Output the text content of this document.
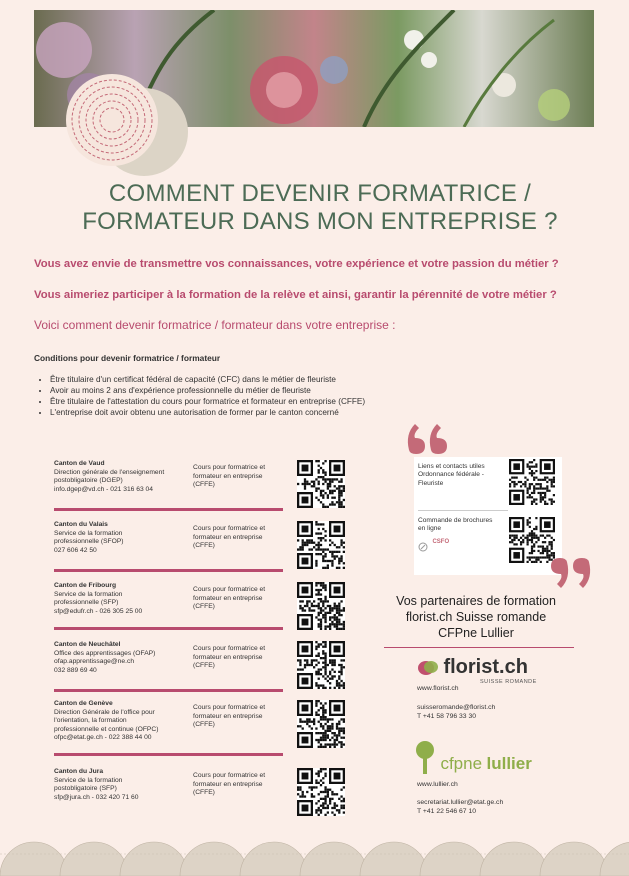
COMMENT DEVENIR FORMATRICE /
FORMATEUR DANS MON ENTREPRISE ?
Vous avez envie de transmettre vos connaissances, votre expérience et votre passion du métier ?
Vous aimeriez participer à la formation de la relève et ainsi, garantir la pérennité de votre métier ?
Voici comment devenir formatrice / formateur dans votre entreprise :
Conditions pour devenir formatrice / formateur
• Être titulaire d'un certificat fédéral de capacité (CFC) dans le métier de fleuriste
• Avoir au moins 2 ans d'expérience professionnelle du métier de fleuriste
• Être titulaire de l'attestation du cours pour formatrice et formateur en entreprise (CFFE)
• L'entreprise doit avoir obtenu une autorisation de former par le canton concerné
Canton de Vaud
Direction générale de l'enseignement
postobligatoire (DGEP)
info.dgep@vd.ch - 021 316 63 04
Cours pour formatrice et
formateur en entreprise
(CFFE)
Canton du Valais
Service de la formation
professionnelle (SFOP)
027 606 42 50
Cours pour formatrice et
formateur en entreprise
(CFFE)
Canton de Fribourg
Service de la formation
professionnelle (SFP)
sfp@edufr.ch - 026 305 25 00
Cours pour formatrice et
formateur en entreprise
(CFFE)
Canton de Neuchâtel
Office des apprentissages (OFAP)
ofap.apprentissage@ne.ch
032 889 69 40
Cours pour formatrice et
formateur en entreprise
(CFFE)
Canton de Genève
Direction Générale de l'office pour
l'orientation, la formation
professionnelle et continue (OFPC)
ofpc@etat.ge.ch - 022 388 44 00
Cours pour formatrice et
formateur en entreprise
(CFFE)
Canton du Jura
Service de la formation
postobligatoire (SFP)
sfp@jura.ch - 032 420 71 60
Cours pour formatrice et
formateur en entreprise
(CFFE)
Liens et contacts utiles
Ordonnance fédérale -
Fleuriste
Commande de brochures
en ligne
$^{CSFO}$
Vos partenaires de formation
florist.ch Suisse romande
CFPne Lullier
florist.ch
SUISSE ROMANDE
www.florist.ch
suisseromande@florist.ch
T +41 58 796 33 30
cfpne lullier
www.lullier.ch
secretariat.lullier@etat.ge.ch
T +41 22 546 67 10
